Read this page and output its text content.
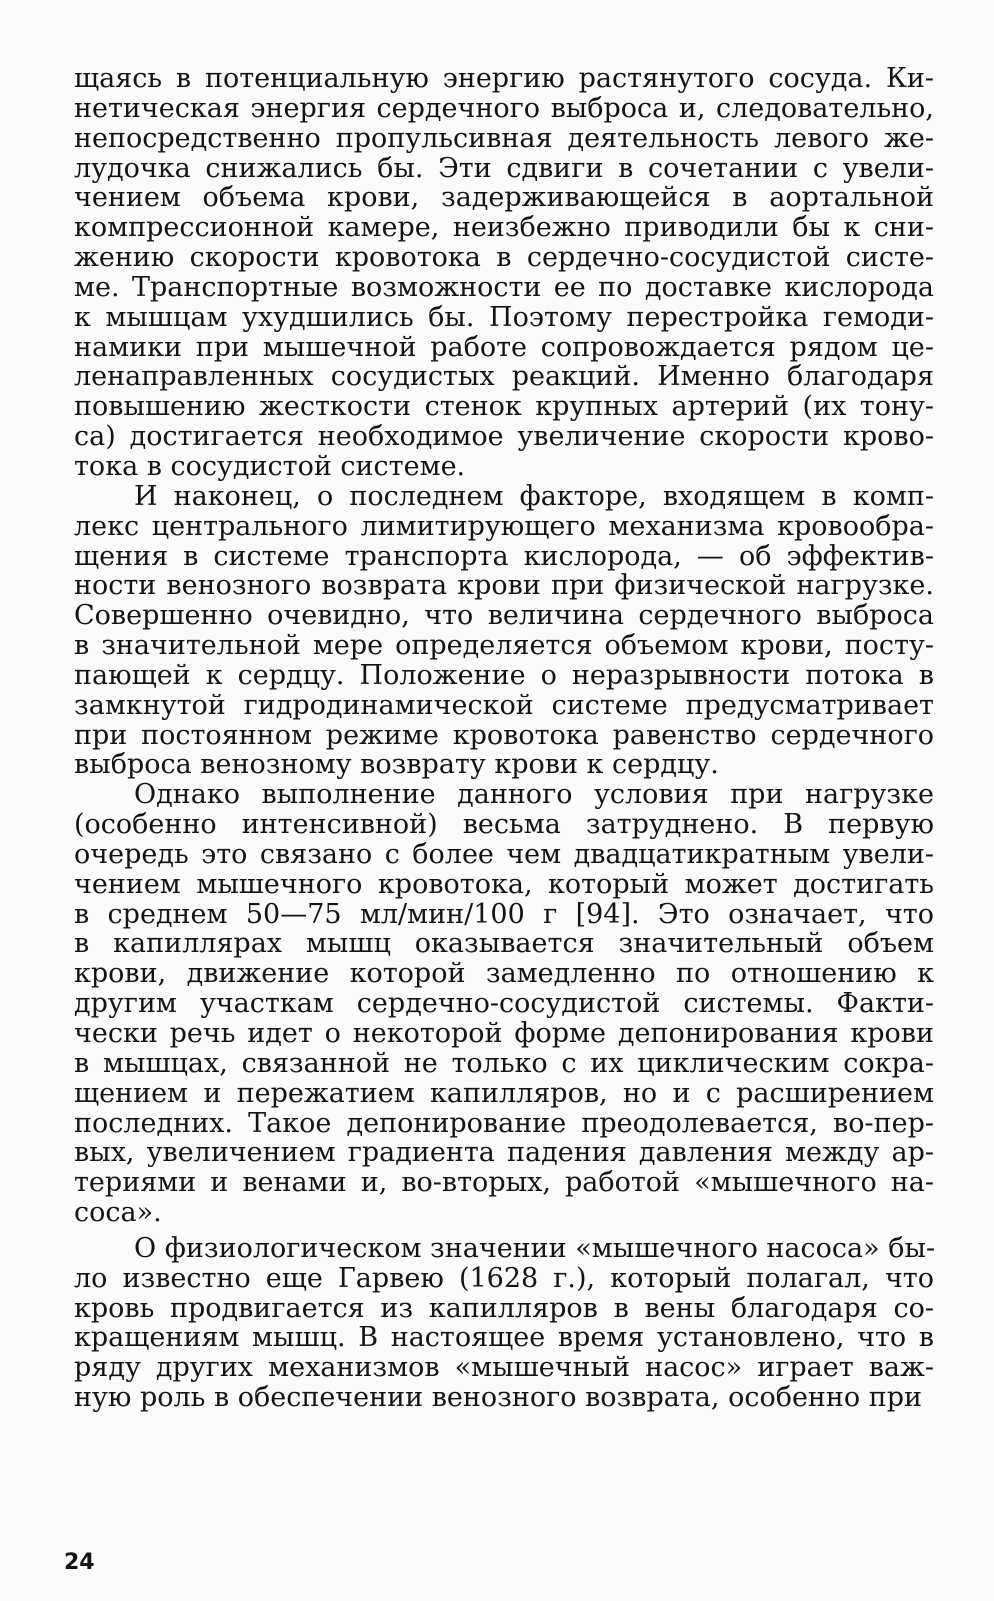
щаясь в потенциальную энергию растянутого сосуда. Ки-
нетическая энергия сердечного выброса и, следовательно,
непосредственно пропульсивная деятельность левого же-
лудочка снижались бы. Эти сдвиги в сочетании с увели-
чением объема крови, задерживающейся в аортальной
компрессионной камере, неизбежно приводили бы к сни-
жению скорости кровотока в сердечно-сосудистой систе-
ме. Транспортные возможности ее по доставке кислорода
к мышцам ухудшились бы. Поэтому перестройка гемоди-
намики при мышечной работе сопровождается рядом це-
ленаправленных сосудистых реакций. Именно благодаря
повышению жесткости стенок крупных артерий (их тону-
са) достигается необходимое увеличение скорости крово-
тока в сосудистой системе.
И наконец, о последнем факторе, входящем в комп-
лекс центрального лимитирующего механизма кровообра-
щения в системе транспорта кислорода, — об эффектив-
ности венозного возврата крови при физической нагрузке.
Совершенно очевидно, что величина сердечного выброса
в значительной мере определяется объемом крови, посту-
пающей к сердцу. Положение о неразрывности потока в
замкнутой гидродинамической системе предусматривает
при постоянном режиме кровотока равенство сердечного
выброса венозному возврату крови к сердцу.
Однако выполнение данного условия при нагрузке
(особенно интенсивной) весьма затруднено. В первую
очередь это связано с более чем двадцатикратным увели-
чением мышечного кровотока, который может достигать
в среднем 50—75 мл/мин/100 г [94]. Это означает, что
в капиллярах мышц оказывается значительный объем
крови, движение которой замедленно по отношению к
другим участкам сердечно-сосудистой системы. Факти-
чески речь идет о некоторой форме депонирования крови
в мышцах, связанной не только с их циклическим сокра-
щением и пережатием капилляров, но и с расширением
последних. Такое депонирование преодолевается, во-пер-
вых, увеличением градиента падения давления между ар-
териями и венами и, во-вторых, работой «мышечного на-
соса».
О физиологическом значении «мышечного насоса» бы-
ло известно еще Гарвею (1628 г.), который полагал, что
кровь продвигается из капилляров в вены благодаря со-
кращениям мышц. В настоящее время установлено, что в
ряду других механизмов «мышечный насос» играет важ-
ную роль в обеспечении венозного возврата, особенно при
24
